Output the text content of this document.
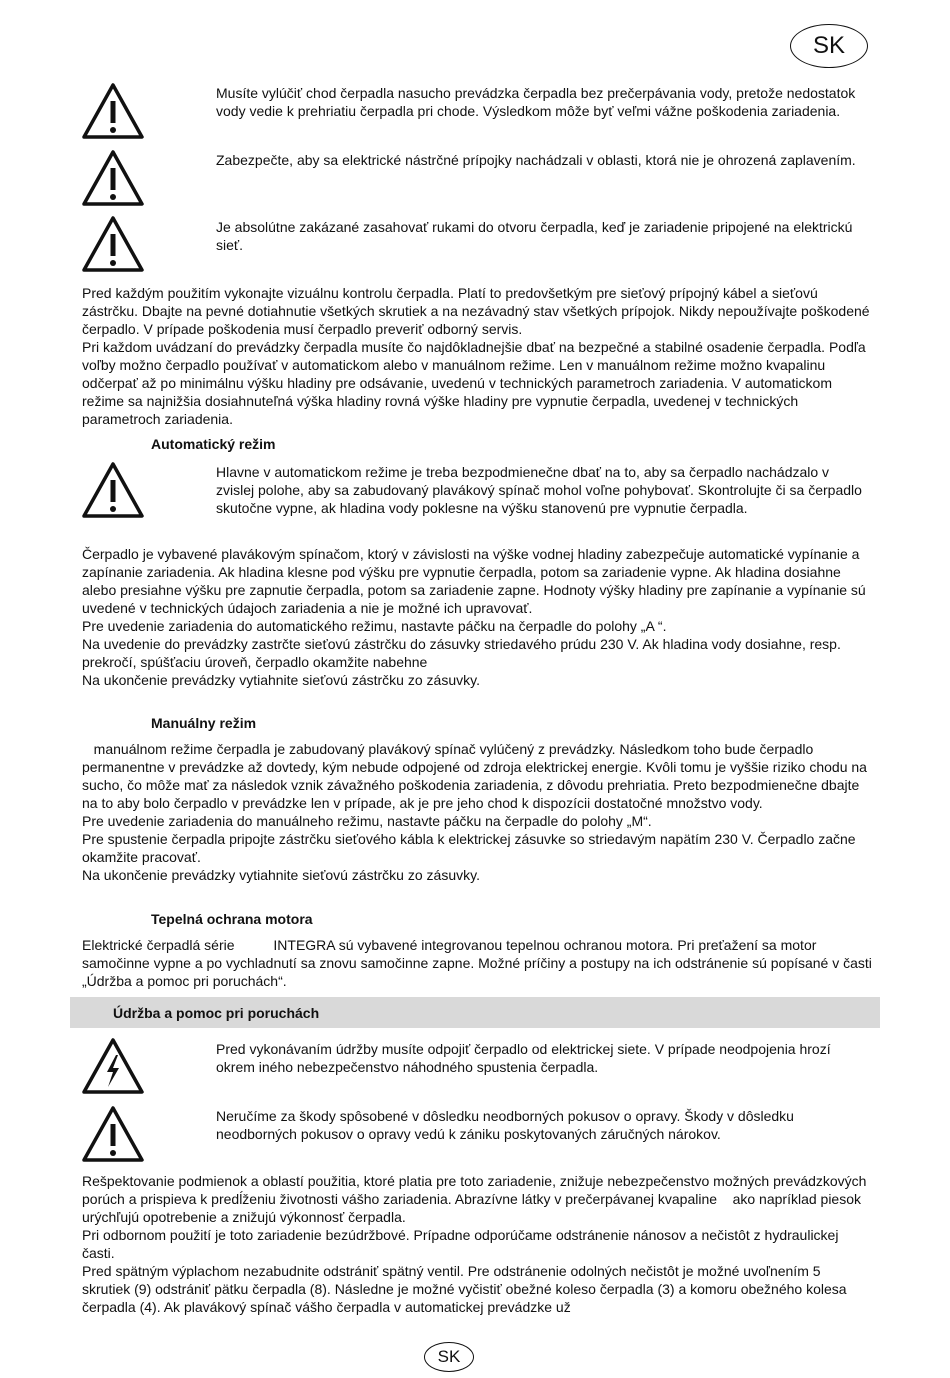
SK
Musíte vylúčiť chod čerpadla nasucho prevádzka čerpadla bez prečerpávania vody, pretože nedostatok vody vedie k prehriatiu čerpadla pri chode. Výsledkom môže byť veľmi vážne poškodenia zariadenia.
Zabezpečte, aby sa elektrické nástrčné prípojky nachádzali v oblasti, ktorá nie je ohrozená zaplavením.
Je absolútne zakázané zasahovať rukami do otvoru čerpadla, keď je zariadenie pripojené na elektrickú sieť.

Pred každým použitím vykonajte vizuálnu kontrolu čerpadla. Platí to predovšetkým pre sieťový prípojný kábel a sieťovú zástrčku. Dbajte na pevné dotiahnutie všetkých skrutiek a na nezávadný stav všetkých prípojok. Nikdy nepoužívajte poškodené čerpadlo. V prípade poškodenia musí čerpadlo preveriť odborný servis.

Pri každom uvádzaní do prevádzky čerpadla musíte čo najdôkladnejšie dbať na bezpečné a stabilné osadenie čerpadla. Podľa voľby možno čerpadlo používať v automatickom alebo v manuálnom režime. Len v manuálnom režime možno kvapalinu odčerpať až po minimálnu výšku hladiny pre odsávanie, uvedenú v technických parametroch zariadenia. V automatickom režime sa najnižšia dosiahnuteľná výška hladiny rovná výške hladiny pre vypnutie čerpadla, uvedenej v technických parametroch zariadenia.

Automatický režim
Hlavne v automatickom režime je treba bezpodmienečne dbať na to, aby sa čerpadlo nachádzalo v zvislej polohe, aby sa zabudovaný plavákový spínač mohol voľne pohybovať. Skontrolujte či sa čerpadlo skutočne vypne, ak hladina vody poklesne na výšku stanovenú pre vypnutie čerpadla.

Čerpadlo je vybavené plavákovým spínačom, ktorý v závislosti na výške vodnej hladiny zabezpečuje automatické vypínanie a zapínanie zariadenia. Ak hladina klesne pod výšku pre vypnutie čerpadla, potom sa zariadenie vypne. Ak hladina dosiahne alebo presiahne výšku pre zapnutie čerpadla, potom sa zariadenie zapne. Hodnoty výšky hladiny pre zapínanie a vypínanie sú uvedené v technických údajoch zariadenia a nie je možné ich upravovať.

Pre uvedenie zariadenia do automatického režimu, nastavte páčku na čerpadle do polohy „A “.

Na uvedenie do prevádzky zastrčte sieťovú zástrčku do zásuvky striedavého prúdu 230 V. Ak hladina vody dosiahne, resp. prekročí, spúšťaciu úroveň, čerpadlo okamžite nabehne

Na ukončenie prevádzky vytiahnite sieťovú zástrčku zo zásuvky.

Manuálny režim

manuálnom režime čerpadla je zabudovaný plavákový spínač vylúčený z prevádzky. Následkom toho bude čerpadlo permanentne v prevádzke až dovtedy, kým nebude odpojené od zdroja elektrickej energie. Kvôli tomu je vyššie riziko chodu na sucho, čo môže mať za následok vznik závažného poškodenia zariadenia, z dôvodu prehriatia. Preto bezpodmienečne dbajte na to aby bolo čerpadlo v prevádzke len v prípade, ak je pre jeho chod k dispozícii dostatočné množstvo vody.

Pre uvedenie zariadenia do manuálneho režimu, nastavte páčku na čerpadle do polohy „M“.

Pre spustenie čerpadla pripojte zástrčku sieťového kábla k elektrickej zásuvke so striedavým napätím 230 V. Čerpadlo začne okamžite pracovať.

Na ukončenie prevádzky vytiahnite sieťovú zástrčku zo zásuvky.

Tepelná ochrana motora

Elektrické čerpadlá série          INTEGRA sú vybavené integrovanou tepelnou ochranou motora. Pri preťažení sa motor samočinne vypne a po vychladnutí sa znovu samočinne zapne. Možné príčiny a postupy na ich odstránenie sú popísané v časti „Údržba a pomoc pri poruchách“.

Údržba a pomoc pri poruchách
Pred vykonávaním údržby musíte odpojiť čerpadlo od elektrickej siete. V prípade neodpojenia hrozí okrem iného nebezpečenstvo náhodného spustenia čerpadla.
Neručíme za škody spôsobené v dôsledku neodborných pokusov o opravy. Škody v dôsledku neodborných pokusov o opravy vedú k zániku poskytovaných záručných nárokov.

Rešpektovanie podmienok a oblastí použitia, ktoré platia pre toto zariadenie, znižuje nebezpečenstvo možných prevádzkových porúch a prispieva k predĺženiu životnosti vášho zariadenia. Abrazívne látky v prečerpávanej kvapaline    ako napríklad piesok    urýchľujú opotrebenie a znižujú výkonnosť čerpadla.

Pri odbornom použití je toto zariadenie bezúdržbové. Prípadne odporúčame odstránenie nánosov a nečistôt z hydraulickej časti.

Pred spätným výplachom nezabudnite odstrániť spätný ventil. Pre odstránenie odolných nečistôt je možné uvoľnením 5 skrutiek (9) odstrániť pätku čerpadla (8). Následne je možné vyčistiť obežné koleso čerpadla (3) a komoru obežného kolesa čerpadla (4). Ak plavákový spínač vášho čerpadla v automatickej prevádzke už

SK
